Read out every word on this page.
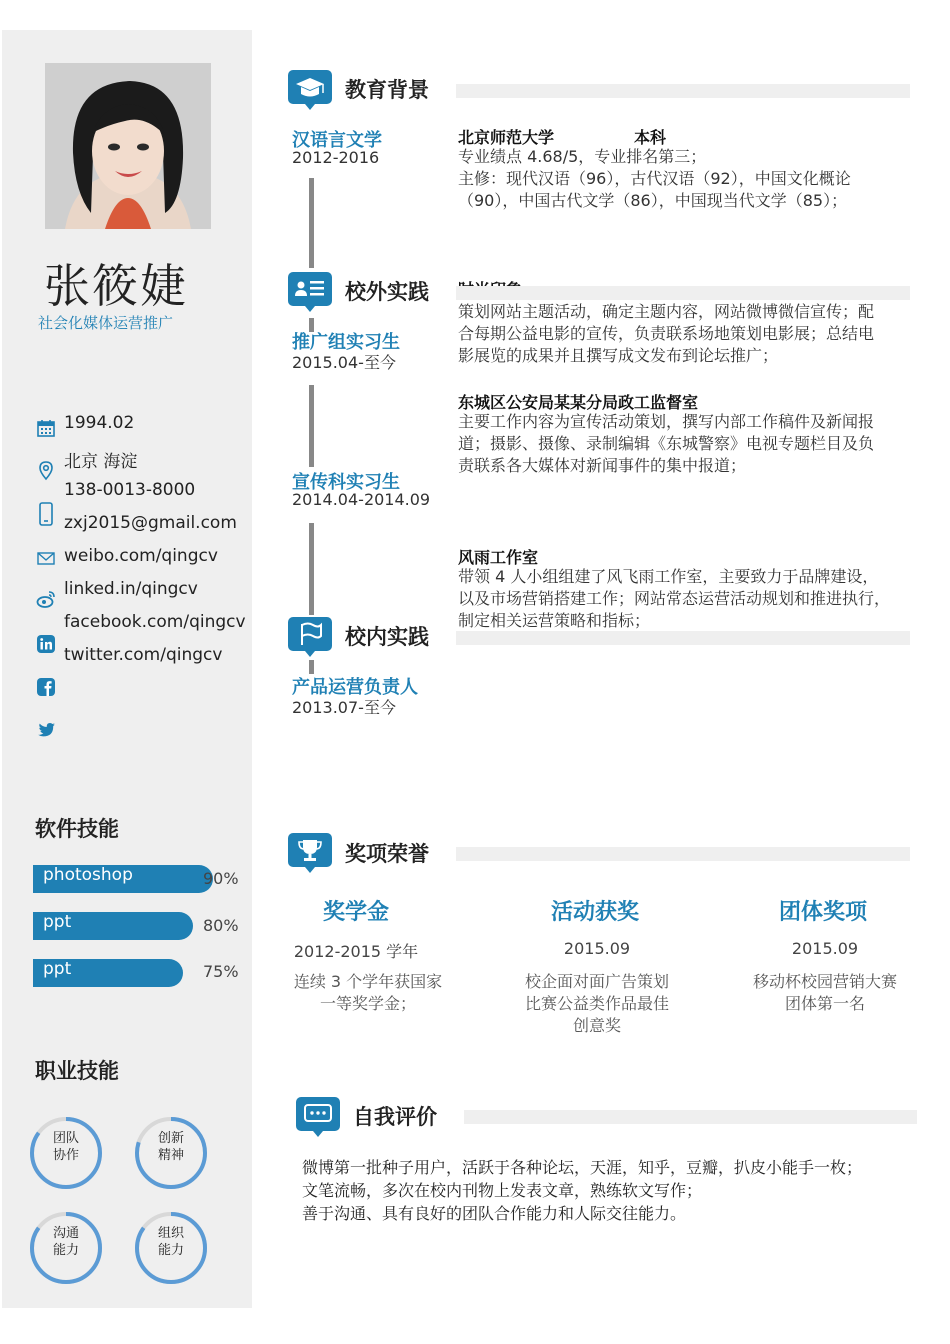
张筱婕
社会化媒体运营推广
1994.02
北京 海淀
138-0013-8000
zxj2015@gmail.com
weibo.com/qingcv
linked.in/qingcv
facebook.com/qingcv
twitter.com/qingcv
软件技能
photoshop	90%
ppt	80%
ppt	75%
职业技能
团队
协作
创新
精神
沟通
能力
组织
能力
教育背景
汉语言文学
2012-2016
北京师范大学	本科
专业绩点 4.68/5，专业排名第三；
主修：现代汉语（96），古代汉语（92），中国文化概论
（90），中国古代文学（86），中国现当代文学（85）；
校外实践
推广组实习生
2015.04-至今
策划网站主题活动，确定主题内容，网站微博微信宣传；配
合每期公益电影的宣传，负责联系场地策划电影展；总结电
影展览的成果并且撰写成文发布到论坛推广；
东城区公安局某某分局政工监督室
主要工作内容为宣传活动策划，撰写内部工作稿件及新闻报
道；摄影、摄像、录制编辑《东城警察》电视专题栏目及负
责联系各大媒体对新闻事件的集中报道；
宣传科实习生
2014.04-2014.09
风雨工作室
带领 4 人小组组建了风飞雨工作室，主要致力于品牌建设，
以及市场营销搭建工作；网站常态运营活动规划和推进执行，
制定相关运营策略和指标；
校内实践
产品运营负责人
2013.07-至今
奖项荣誉
奖学金
2012-2015 学年
连续 3 个学年获国家
一等奖学金；
活动获奖
2015.09
校企面对面广告策划
比赛公益类作品最佳
创意奖
团体奖项
2015.09
移动杯校园营销大赛
团体第一名
自我评价
微博第一批种子用户，活跃于各种论坛，天涯，知乎，豆瓣，扒皮小能手一枚；
文笔流畅，多次在校内刊物上发表文章，熟练软文写作；
善于沟通、具有良好的团队合作能力和人际交往能力。
